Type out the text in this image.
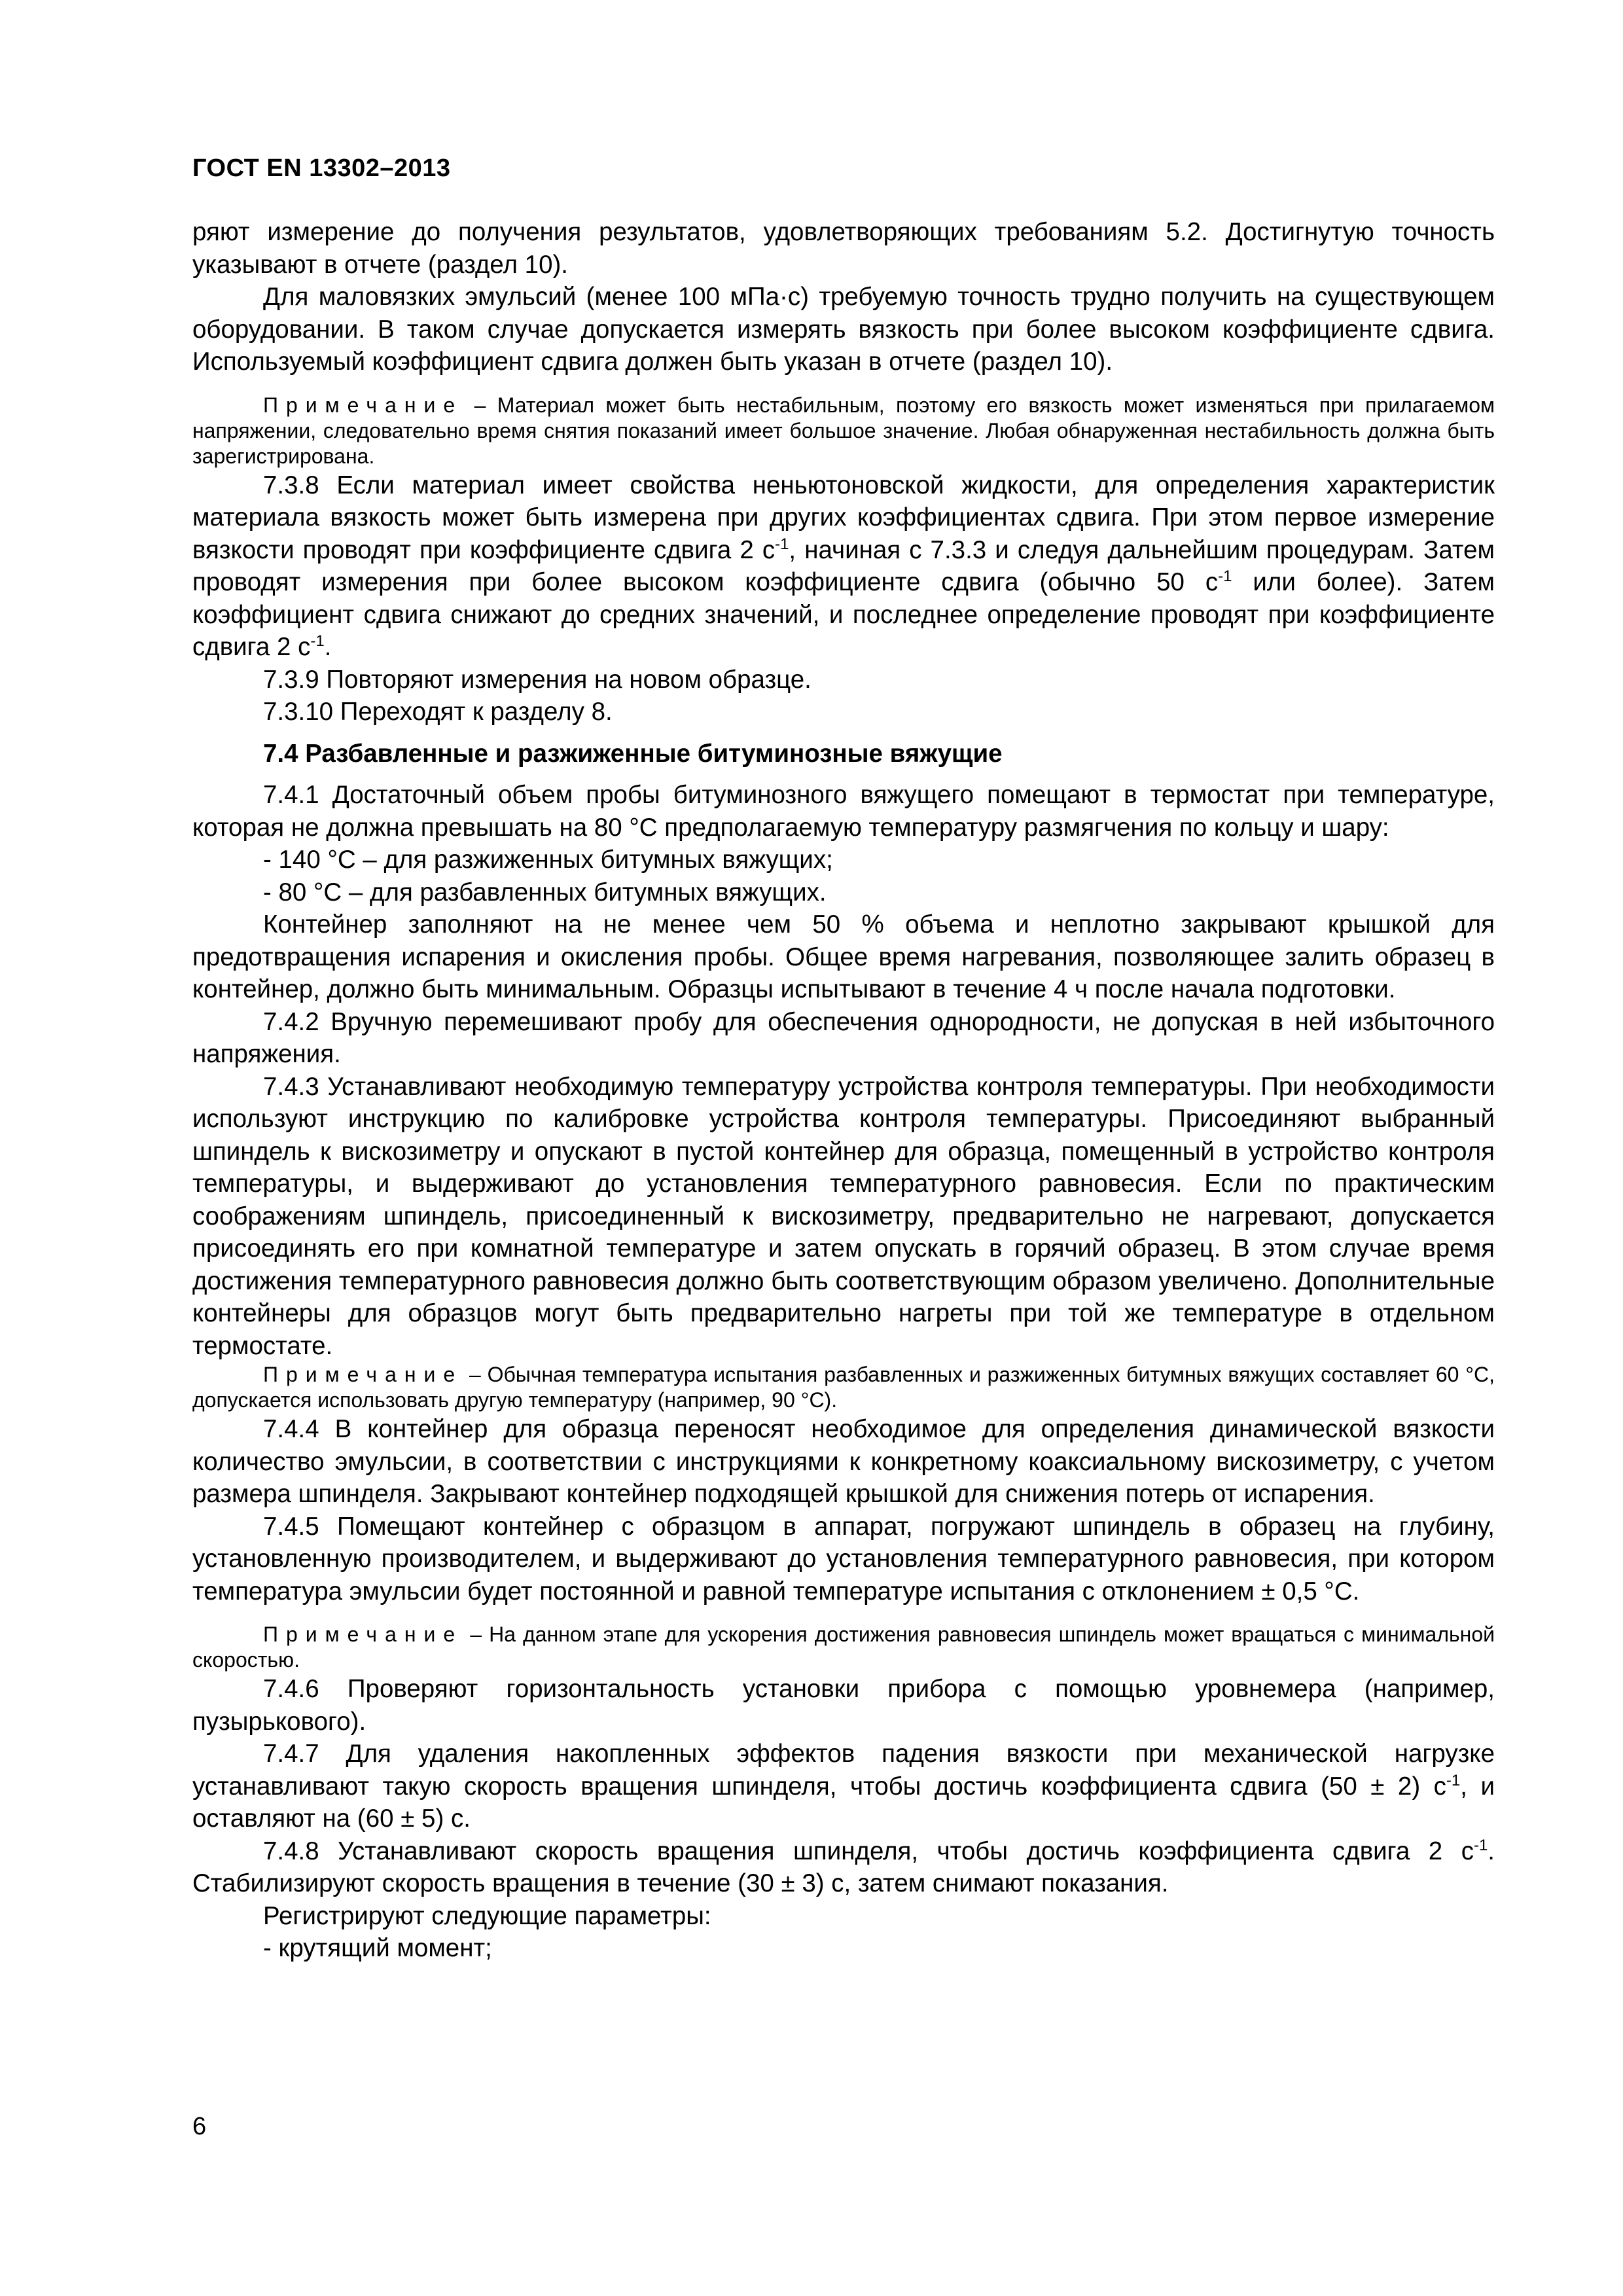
ГОСТ EN 13302–2013

ряют измерение до получения результатов, удовлетворяющих требованиям 5.2. Достигнутую точность указывают в отчете (раздел 10).

Для маловязких эмульсий (менее 100 мПа·с) требуемую точность трудно получить на существующем оборудовании. В таком случае допускается измерять вязкость при более высоком коэффициенте сдвига. Используемый коэффициент сдвига должен быть указан в отчете (раздел 10).

Примечание – Материал может быть нестабильным, поэтому его вязкость может изменяться при прилагаемом напряжении, следовательно время снятия показаний имеет большое значение. Любая обнаруженная нестабильность должна быть зарегистрирована.

7.3.8 Если материал имеет свойства неньютоновской жидкости, для определения характеристик материала вязкость может быть измерена при других коэффициентах сдвига. При этом первое измерение вязкости проводят при коэффициенте сдвига 2 $с^{-1}$, начиная с 7.3.3 и следуя дальнейшим процедурам. Затем проводят измерения при более высоком коэффициенте сдвига (обычно 50 $с^{-1}$ или более). Затем коэффициент сдвига снижают до средних значений, и последнее определение проводят при коэффициенте сдвига 2 $с^{-1}$.

7.3.9 Повторяют измерения на новом образце.

7.3.10 Переходят к разделу 8.

7.4 Разбавленные и разжиженные битуминозные вяжущие

7.4.1 Достаточный объем пробы битуминозного вяжущего помещают в термостат при температуре, которая не должна превышать на 80 °С предполагаемую температуру размягчения по кольцу и шару:

- 140 °С – для разжиженных битумных вяжущих;

- 80 °С – для разбавленных битумных вяжущих.

Контейнер заполняют на не менее чем 50 % объема и неплотно закрывают крышкой для предотвращения испарения и окисления пробы. Общее время нагревания, позволяющее залить образец в контейнер, должно быть минимальным. Образцы испытывают в течение 4 ч после начала подготовки.

7.4.2 Вручную перемешивают пробу для обеспечения однородности, не допуская в ней избыточного напряжения.

7.4.3 Устанавливают необходимую температуру устройства контроля температуры. При необходимости используют инструкцию по калибровке устройства контроля температуры. Присоединяют выбранный шпиндель к вискозиметру и опускают в пустой контейнер для образца, помещенный в устройство контроля температуры, и выдерживают до установления температурного равновесия. Если по практическим соображениям шпиндель, присоединенный к вискозиметру, предварительно не нагревают, допускается присоединять его при комнатной температуре и затем опускать в горячий образец. В этом случае время достижения температурного равновесия должно быть соответствующим образом увеличено. Дополнительные контейнеры для образцов могут быть предварительно нагреты при той же температуре в отдельном термостате.

Примечание – Обычная температура испытания разбавленных и разжиженных битумных вяжущих составляет 60 °С, допускается использовать другую температуру (например, 90 °С).

7.4.4 В контейнер для образца переносят необходимое для определения динамической вязкости количество эмульсии, в соответствии с инструкциями к конкретному коаксиальному вискозиметру, с учетом размера шпинделя. Закрывают контейнер подходящей крышкой для снижения потерь от испарения.

7.4.5 Помещают контейнер с образцом в аппарат, погружают шпиндель в образец на глубину, установленную производителем, и выдерживают до установления температурного равновесия, при котором температура эмульсии будет постоянной и равной температуре испытания с отклонением ± 0,5 °С.

Примечание – На данном этапе для ускорения достижения равновесия шпиндель может вращаться с минимальной скоростью.

7.4.6 Проверяют горизонтальность установки прибора с помощью уровнемера (например, пузырькового).

7.4.7 Для удаления накопленных эффектов падения вязкости при механической нагрузке устанавливают такую скорость вращения шпинделя, чтобы достичь коэффициента сдвига (50 ± 2) $с^{-1}$, и оставляют на (60 ± 5) с.

7.4.8 Устанавливают скорость вращения шпинделя, чтобы достичь коэффициента сдвига 2 $с^{-1}$. Стабилизируют скорость вращения в течение (30 ± 3) с, затем снимают показания.

Регистрируют следующие параметры:

- крутящий момент;

6
